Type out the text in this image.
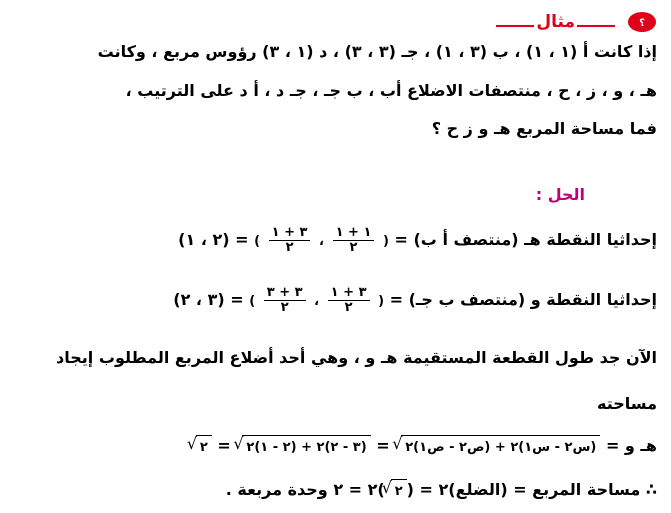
؟
مثال
إذا كانت أ (١ ، ١) ، ب (٣ ، ١) ، جـ (٣ ، ٣) ، د (١ ، ٣) رؤوس مربع ، وكانت
هـ ، و ، ز ، ح ، منتصفات الاضلاع أب ، ب جـ ، جـ د ، أ د على الترتيب ،
فما مساحة المربع هـ و ز ح ؟
الحل :
إحداثيا النقطة هـ (منتصف أ ب) = (
$\frac{١ + ١}{٢}$
،
$\frac{٣ + ١}{٢}$
) = (٢ ، ١)
إحداثيا النقطة و (منتصف ب جـ) = (
$\frac{٣ + ١}{٢}$
،
$\frac{٣ + ٣}{٢}$
) = (٣ ، ٢)
الآن جد طول القطعة المستقيمة هـ و ، وهي أحد أضلاع المربع المطلوب إيجاد
مساحته
هـ و = √ (س٢ - س١)٢ + (ص٢ - ص١)٢ = √ (٣ - ٢)٢ + (٢ - ١)٢ = √ ٢
∴ مساحة المربع = (الضلع)٢ = (√ ٢)٢ = ٢ وحدة مربعة .
